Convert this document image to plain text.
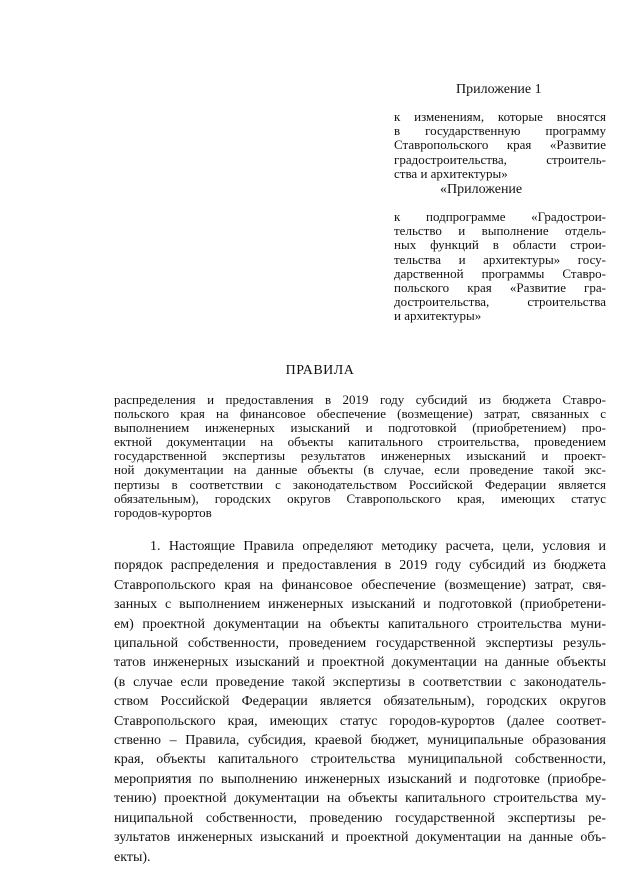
Приложение 1
к изменениям, которые вносятся
в государственную программу
Ставропольского края «Развитие
градостроительства, строитель-
ства и архитектуры»
«Приложение
к подпрограмме «Градострои-
тельство и выполнение отдель-
ных функций в области строи-
тельства и архитектуры» госу-
дарственной программы Ставро-
польского края «Развитие гра-
достроительства, строительства
и архитектуры»
ПРАВИЛА
распределения и предоставления в 2019 году субсидий из бюджета Ставро-
польского края на финансовое обеспечение (возмещение) затрат, связанных с
выполнением инженерных изысканий и подготовкой (приобретением) про-
ектной документации на объекты капитального строительства, проведением
государственной экспертизы результатов инженерных изысканий и проект-
ной документации на данные объекты (в случае, если проведение такой экс-
пертизы в соответствии с законодательством Российской Федерации является
обязательным), городских округов Ставропольского края, имеющих статус
городов-курортов
1. Настоящие Правила определяют методику расчета, цели, условия и
порядок распределения и предоставления в 2019 году субсидий из бюджета
Ставропольского края на финансовое обеспечение (возмещение) затрат, свя-
занных с выполнением инженерных изысканий и подготовкой (приобретени-
ем) проектной документации на объекты капитального строительства муни-
ципальной собственности, проведением государственной экспертизы резуль-
татов инженерных изысканий и проектной документации на данные объекты
(в случае если проведение такой экспертизы в соответствии с законодатель-
ством Российской Федерации является обязательным), городских округов
Ставропольского края, имеющих статус городов-курортов (далее соответ-
ственно – Правила, субсидия, краевой бюджет, муниципальные образования
края, объекты капитального строительства муниципальной собственности,
мероприятия по выполнению инженерных изысканий и подготовке (приобре-
тению) проектной документации на объекты капитального строительства му-
ниципальной собственности, проведению государственной экспертизы ре-
зультатов инженерных изысканий и проектной документации на данные объ-
екты).
